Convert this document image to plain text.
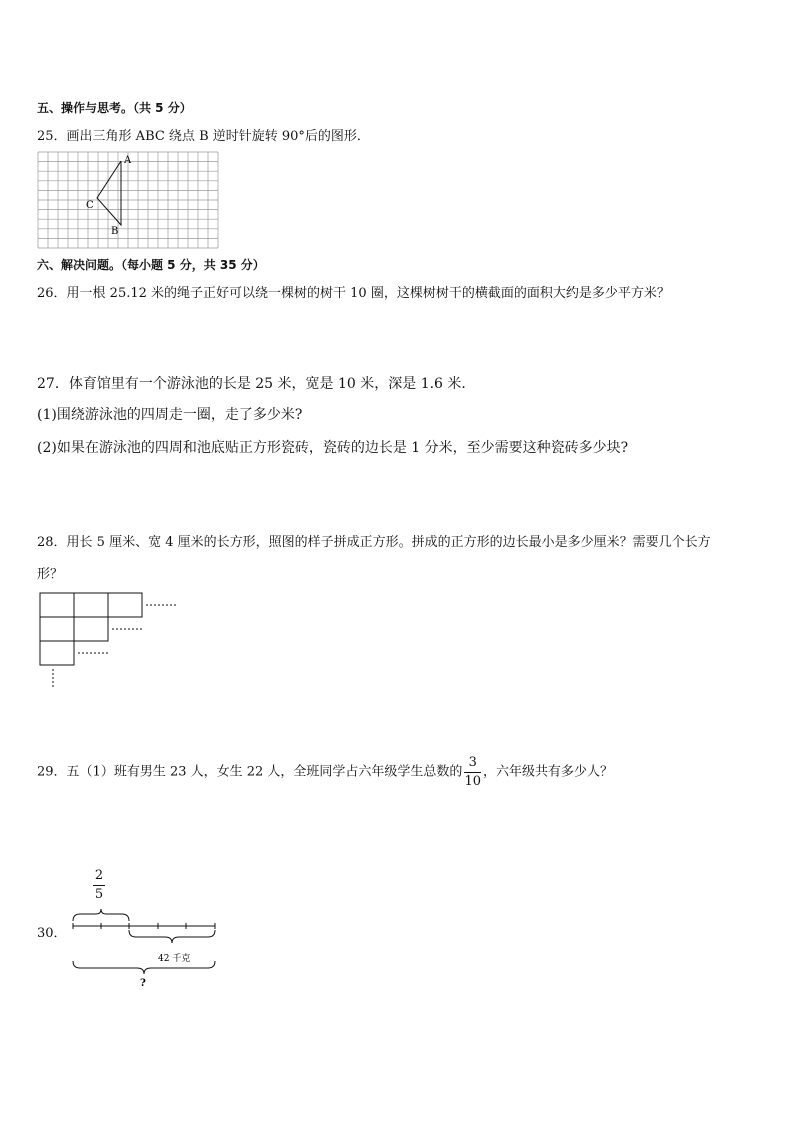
五、操作与思考。（共 5 分）
25．画出三角形 ABC 绕点 B 逆时针旋转 90°后的图形．
A
C
B
六、解决问题。（每小题 5 分，共 35 分）
26．用一根 25.12 米的绳子正好可以绕一棵树的树干 10 圈，这棵树树干的横截面的面积大约是多少平方米？
27．体育馆里有一个游泳池的长是 25 米，宽是 10 米，深是 1.6 米．
(1)围绕游泳池的四周走一圈，走了多少米?
(2)如果在游泳池的四周和池底贴正方形瓷砖，瓷砖的边长是 1 分米，至少需要这种瓷砖多少块?
28．用长 5 厘米、宽 4 厘米的长方形，照图的样子拼成正方形。拼成的正方形的边长最小是多少厘米？需要几个长方
形？
29．五（1）班有男生 23 人，女生 22 人，全班同学占六年级学生总数的 $\frac{3}{10}$ ，六年级共有多少人？
30．
2
5
42 千克
?
